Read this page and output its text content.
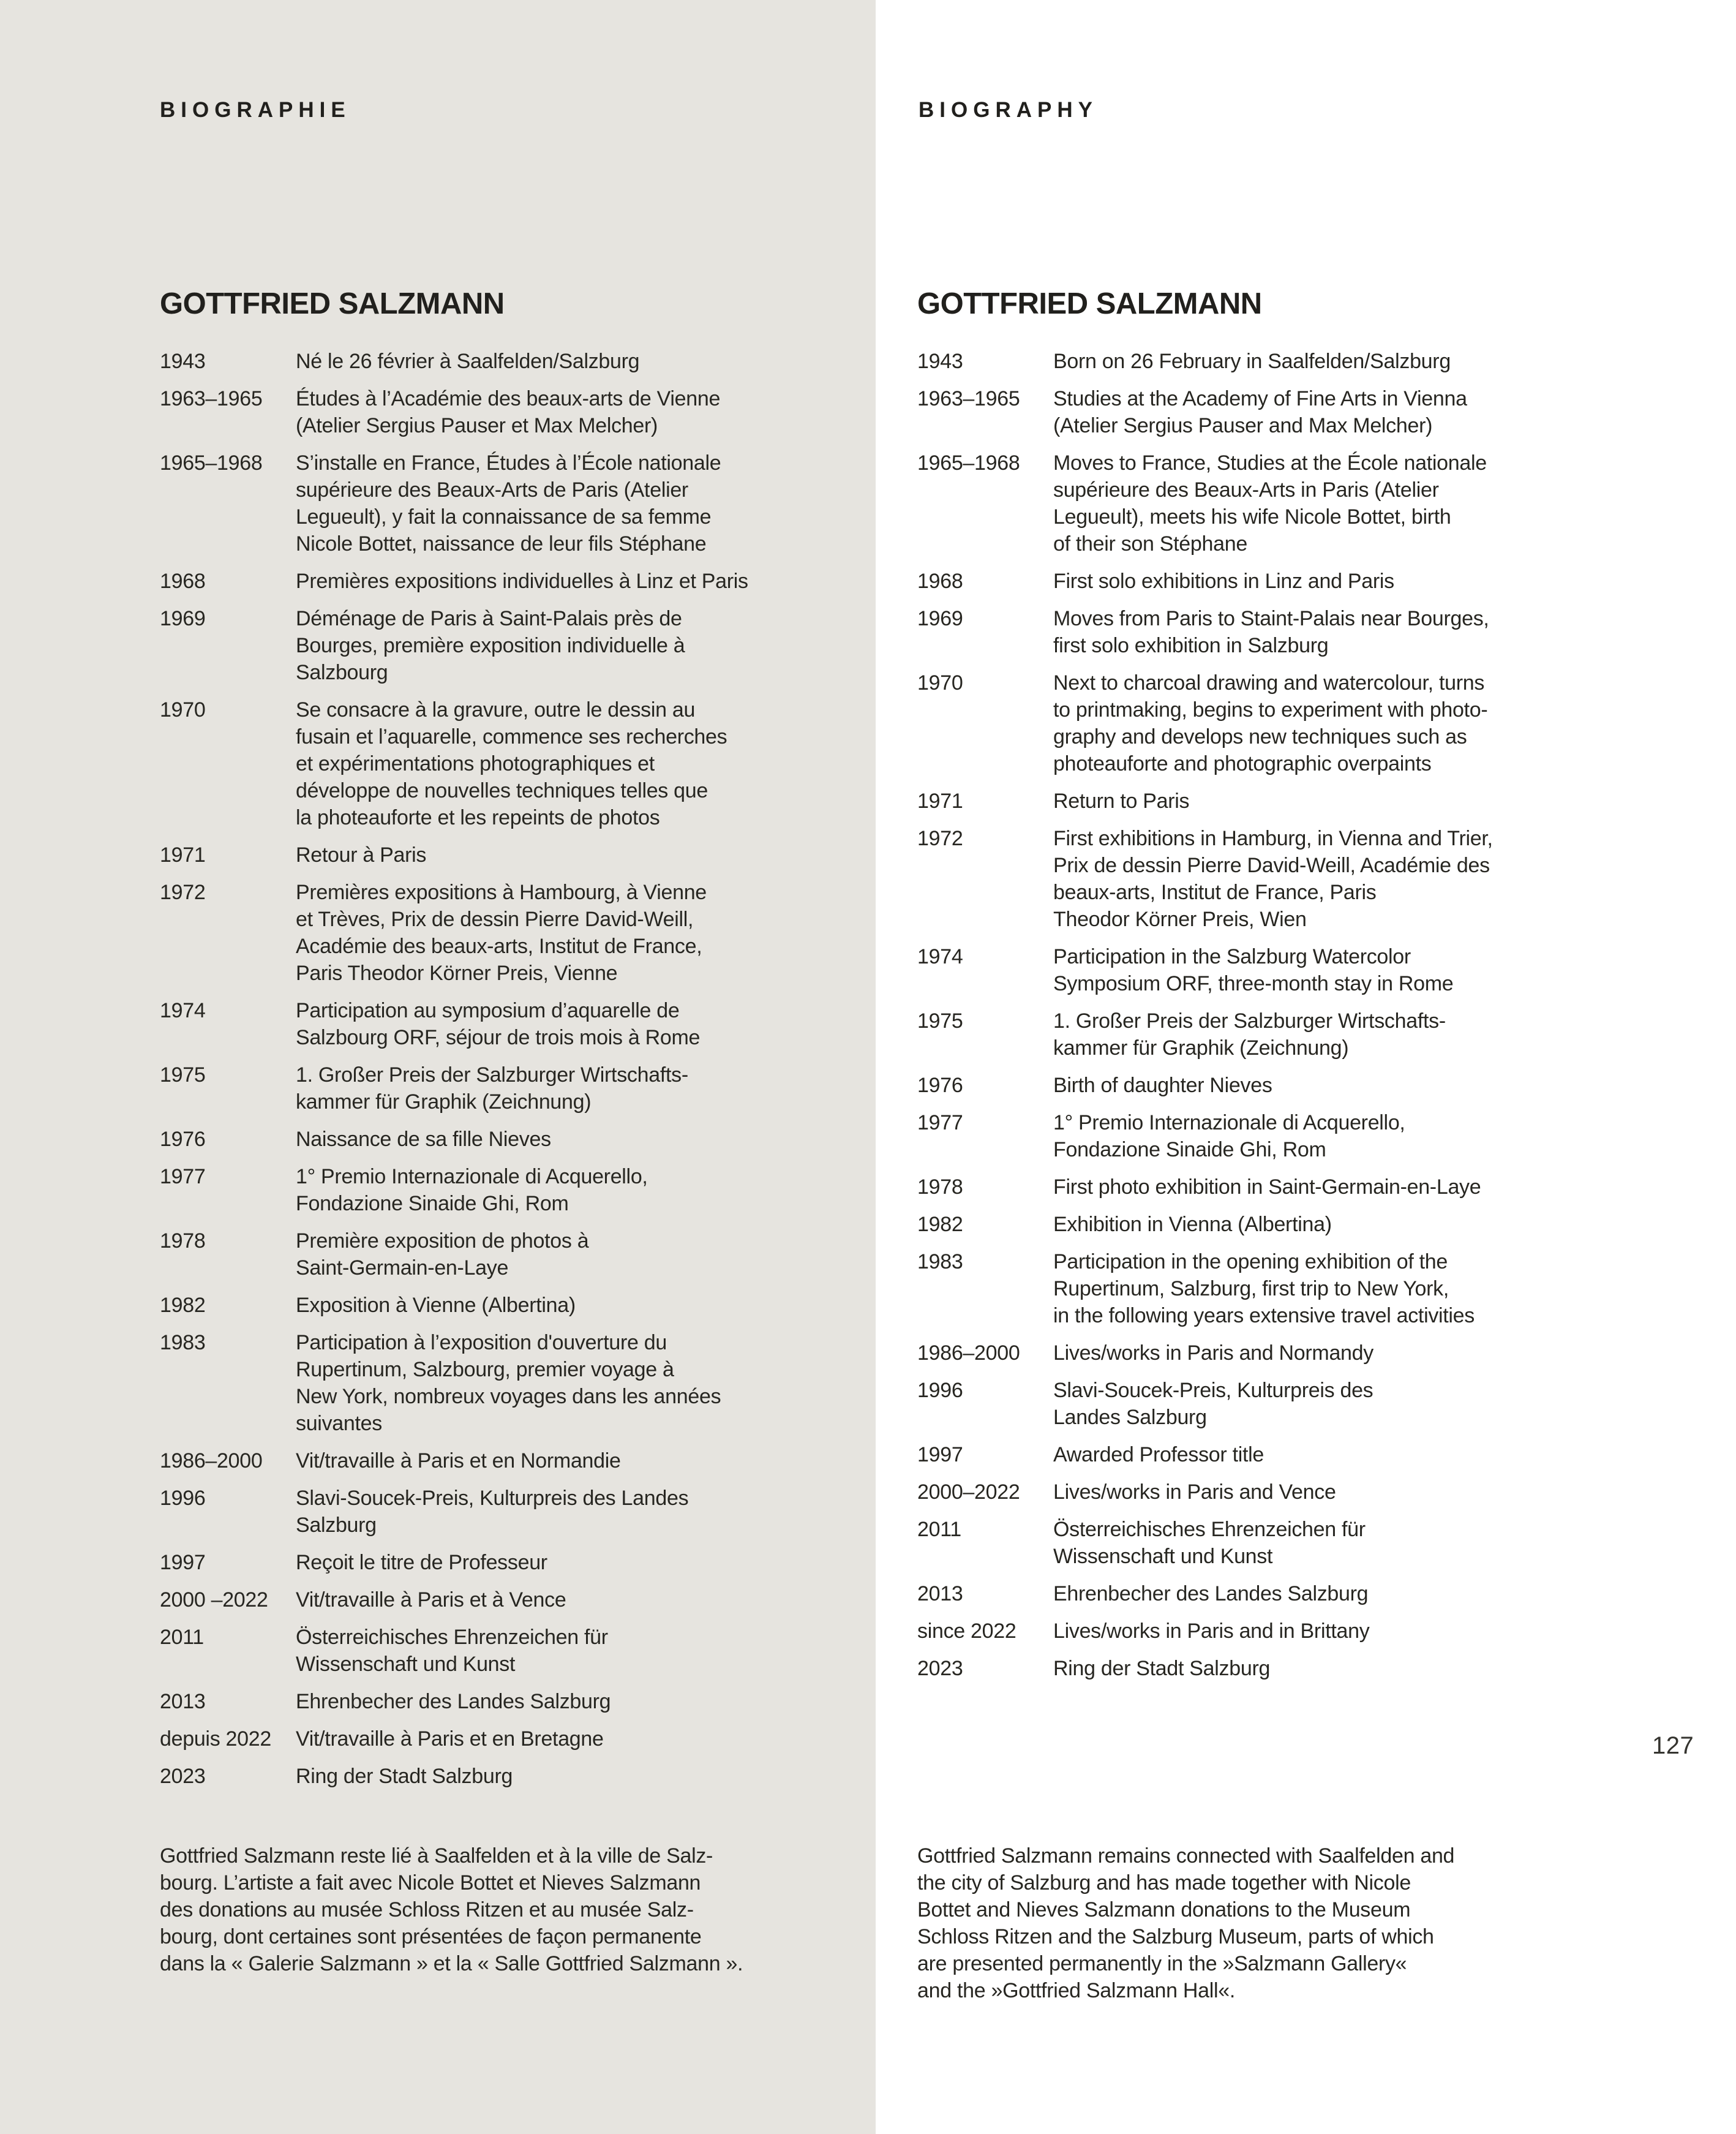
BIOGRAPHIE	BIOGRAPHY
GOTTFRIED SALZMANN	GOTTFRIED SALZMANN
1943	Né le 26 février à Saalfelden/Salzburg
1963–1965	Études à l’Académie des beaux-arts de Vienne
(Atelier Sergius Pauser et Max Melcher)
1965–1968	S’installe en France, Études à l’École nationale
supérieure des Beaux-Arts de Paris (Atelier
Legueult), y fait la connaissance de sa femme
Nicole Bottet, naissance de leur fils Stéphane
1968	Premières expositions individuelles à Linz et Paris
1969	Déménage de Paris à Saint-Palais près de
Bourges, première exposition individuelle à
Salzbourg
1970	Se consacre à la gravure, outre le dessin au
fusain et l’aquarelle, commence ses recherches
et expérimentations photographiques et
développe de nouvelles techniques telles que
la photeauforte et les repeints de photos
1971	Retour à Paris
1972	Premières expositions à Hambourg, à Vienne
et Trèves, Prix de dessin Pierre David-Weill,
Académie des beaux-arts, Institut de France,
Paris Theodor Körner Preis, Vienne
1974	Participation au symposium d’aquarelle de
Salzbourg ORF, séjour de trois mois à Rome
1975	1. Großer Preis der Salzburger Wirtschafts-
kammer für Graphik (Zeichnung)
1976	Naissance de sa fille Nieves
1977	1° Premio Internazionale di Acquerello,
Fondazione Sinaide Ghi, Rom
1978	Première exposition de photos à
Saint-Germain-en-Laye
1982	Exposition à Vienne (Albertina)
1983	Participation à l’exposition d'ouverture du
Rupertinum, Salzbourg, premier voyage à
New York, nombreux voyages dans les années
suivantes
1986–2000	Vit/travaille à Paris et en Normandie
1996	Slavi-Soucek-Preis, Kulturpreis des Landes
Salzburg
1997	Reçoit le titre de Professeur
2000 –2022	Vit/travaille à Paris et à Vence
2011	Österreichisches Ehrenzeichen für
Wissenschaft und Kunst
2013	Ehrenbecher des Landes Salzburg
depuis 2022	Vit/travaille à Paris et en Bretagne
2023	Ring der Stadt Salzburg
1943	Born on 26 February in Saalfelden/Salzburg
1963–1965	Studies at the Academy of Fine Arts in Vienna
(Atelier Sergius Pauser and Max Melcher)
1965–1968	Moves to France, Studies at the École nationale
supérieure des Beaux-Arts in Paris (Atelier
Legueult), meets his wife Nicole Bottet, birth
of their son Stéphane
1968	First solo exhibitions in Linz and Paris
1969	Moves from Paris to Staint-Palais near Bourges,
first solo exhibition in Salzburg
1970	Next to charcoal drawing and watercolour, turns
to printmaking, begins to experiment with photo-
graphy and develops new techniques such as
photeauforte and photographic overpaints
1971	Return to Paris
1972	First exhibitions in Hamburg, in Vienna and Trier,
Prix de dessin Pierre David-Weill, Académie des
beaux-arts, Institut de France, Paris
Theodor Körner Preis, Wien
1974	Participation in the Salzburg Watercolor
Symposium ORF, three-month stay in Rome
1975	1. Großer Preis der Salzburger Wirtschafts-
kammer für Graphik (Zeichnung)
1976	Birth of daughter Nieves
1977	1° Premio Internazionale di Acquerello,
Fondazione Sinaide Ghi, Rom
1978	First photo exhibition in Saint-Germain-en-Laye
1982	Exhibition in Vienna (Albertina)
1983	Participation in the opening exhibition of the
Rupertinum, Salzburg, first trip to New York,
in the following years extensive travel activities
1986–2000	Lives/works in Paris and Normandy
1996	Slavi-Soucek-Preis, Kulturpreis des
Landes Salzburg
1997	Awarded Professor title
2000–2022	Lives/works in Paris and Vence
2011	Österreichisches Ehrenzeichen für
Wissenschaft und Kunst
2013	Ehrenbecher des Landes Salzburg
since 2022	Lives/works in Paris and in Brittany
2023	Ring der Stadt Salzburg
Gottfried Salzmann reste lié à Saalfelden et à la ville de Salz-
bourg. L’artiste a fait avec Nicole Bottet et Nieves Salzmann
des donations au musée Schloss Ritzen et au musée Salz-
bourg, dont certaines sont présentées de façon permanente
dans la « Galerie Salzmann » et la « Salle Gottfried Salzmann ».
Gottfried Salzmann remains connected with Saalfelden and
the city of Salzburg and has made together with Nicole
Bottet and Nieves Salzmann donations to the Museum
Schloss Ritzen and the Salzburg Museum, parts of which
are presented permanently in the »Salzmann Gallery«
and the »Gottfried Salzmann Hall«.
127
